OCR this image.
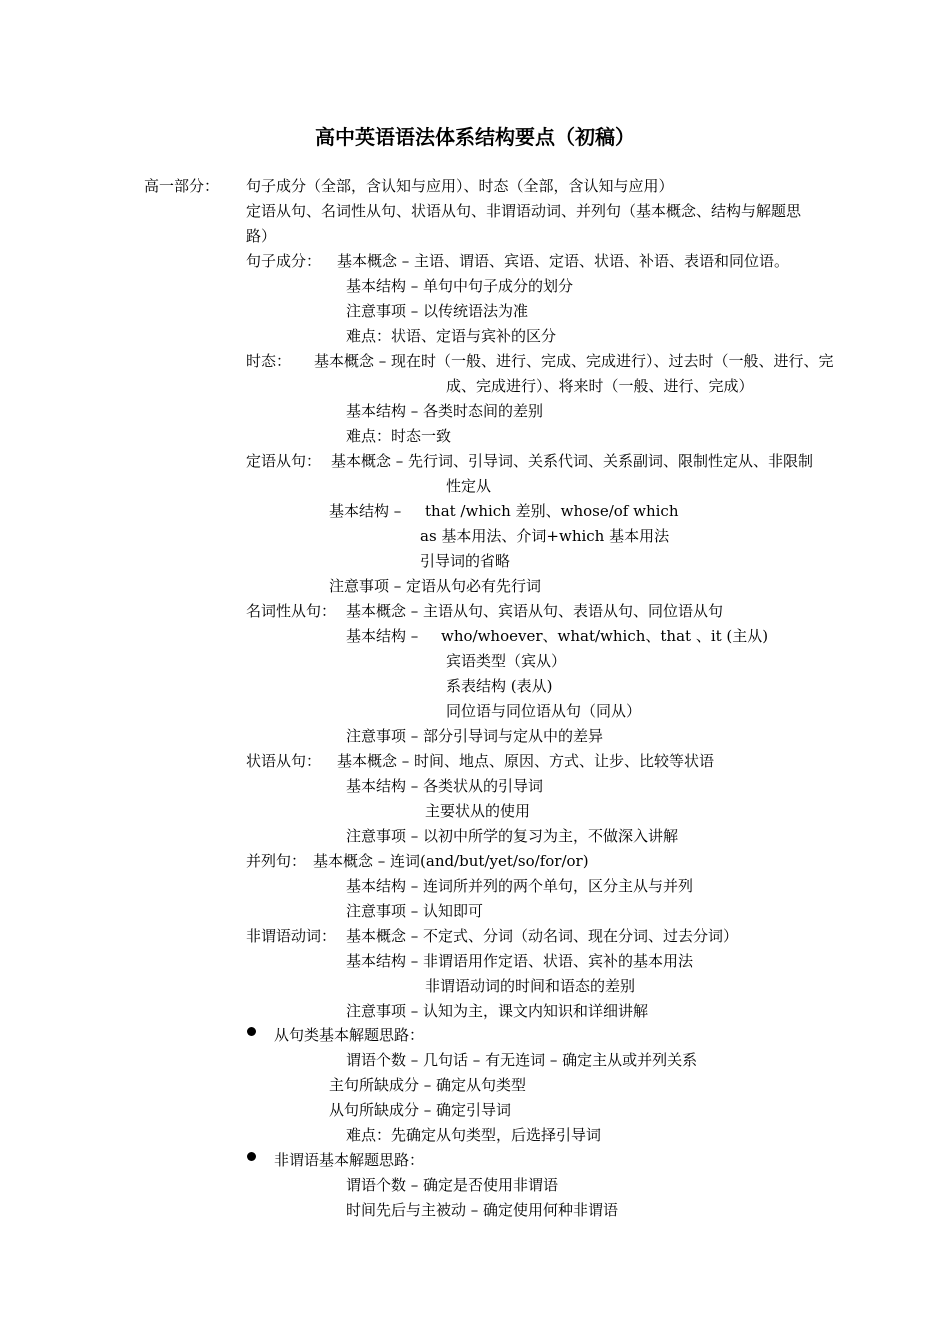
高中英语语法体系结构要点（初稿）
高一部分： 句子成分（全部，含认知与应用）、时态（全部，含认知与应用）
定语从句、名词性从句、状语从句、非谓语动词、并列句（基本概念、结构与解题思
路）
句子成分： 基本概念 – 主语、谓语、宾语、定语、状语、补语、表语和同位语。
基本结构 – 单句中句子成分的划分
注意事项 – 以传统语法为准
难点：状语、定语与宾补的区分
时态： 基本概念 – 现在时（一般、进行、完成、完成进行）、过去时（一般、进行、完
成、完成进行）、将来时（一般、进行、完成）
基本结构 – 各类时态间的差别
难点：时态一致
定语从句： 基本概念 – 先行词、引导词、关系代词、关系副词、限制性定从、非限制
性定从
基本结构 – that /which 差别、whose/of which
as 基本用法、介词+which 基本用法
引导词的省略
注意事项 – 定语从句必有先行词
名词性从句： 基本概念 – 主语从句、宾语从句、表语从句、同位语从句
基本结构 – who/whoever、what/which、that 、it (主从)
宾语类型（宾从）
系表结构 (表从)
同位语与同位语从句（同从）
注意事项 – 部分引导词与定从中的差异
状语从句： 基本概念 – 时间、地点、原因、方式、让步、比较等状语
基本结构 – 各类状从的引导词
主要状从的使用
注意事项 – 以初中所学的复习为主，不做深入讲解
并列句： 基本概念 – 连词(and/but/yet/so/for/or)
基本结构 – 连词所并列的两个单句，区分主从与并列
注意事项 – 认知即可
非谓语动词： 基本概念 – 不定式、分词（动名词、现在分词、过去分词）
基本结构 – 非谓语用作定语、状语、宾补的基本用法
非谓语动词的时间和语态的差别
注意事项 – 认知为主，课文内知识和详细讲解
从句类基本解题思路：
谓语个数 – 几句话 – 有无连词 – 确定主从或并列关系
主句所缺成分 – 确定从句类型
从句所缺成分 – 确定引导词
难点：先确定从句类型，后选择引导词
非谓语基本解题思路：
谓语个数 – 确定是否使用非谓语
时间先后与主被动 – 确定使用何种非谓语
